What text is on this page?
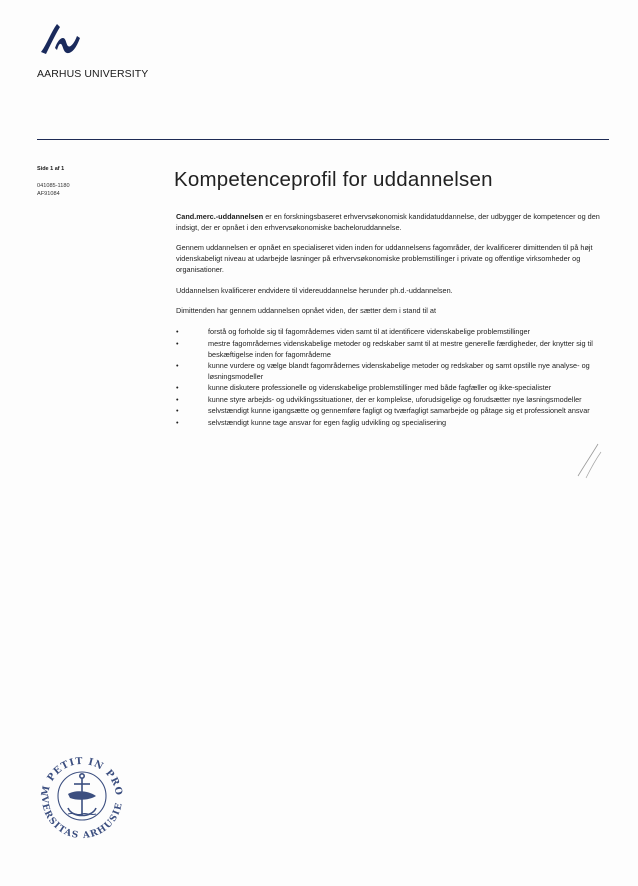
AARHUS UNIVERSITY
Side 1 af 1
041085-1180
AF91084
Kompetenceprofil for uddannelsen

Cand.merc.-uddannelsen er en forskningsbaseret erhvervsøkonomisk kandidatuddannelse, der udbygger de kompetencer og den indsigt, der er opnået i den erhvervsøkonomiske bacheloruddannelse.

Gennem uddannelsen er opnået en specialiseret viden inden for uddannelsens fagområder, der kvalificerer dimittenden til på højt videnskabeligt niveau at udarbejde løsninger på erhvervsøkonomiske problemstillinger i private og offentlige virksomheder og organisationer.

Uddannelsen kvalificerer endvidere til videreuddannelse herunder ph.d.-uddannelsen.

Dimittenden har gennem uddannelsen opnået viden, der sætter dem i stand til at

•	forstå og forholde sig til fagområdernes viden samt til at identificere videnskabelige problemstillinger
•	mestre fagområdernes videnskabelige metoder og redskaber samt til at mestre generelle færdigheder, der knytter sig til beskæftigelse inden for fagområderne
•	kunne vurdere og vælge blandt fagområdernes videnskabelige metoder og redskaber og samt opstille nye analyse- og løsningsmodeller
•	kunne diskutere professionelle og videnskabelige problemstillinger med både fagfæller og ikke-specialister
•	kunne styre arbejds- og udviklingssituationer, der er komplekse, uforudsigelige og forudsætter nye løsningsmodeller
•	selvstændigt kunne igangsætte og gennemføre fagligt og tværfagligt samarbejde og påtage sig et professionelt ansvar
•	selvstændigt kunne tage ansvar for egen faglig udvikling og specialisering
M PETIT IN PRO
VERSITAS ARHUSIE
